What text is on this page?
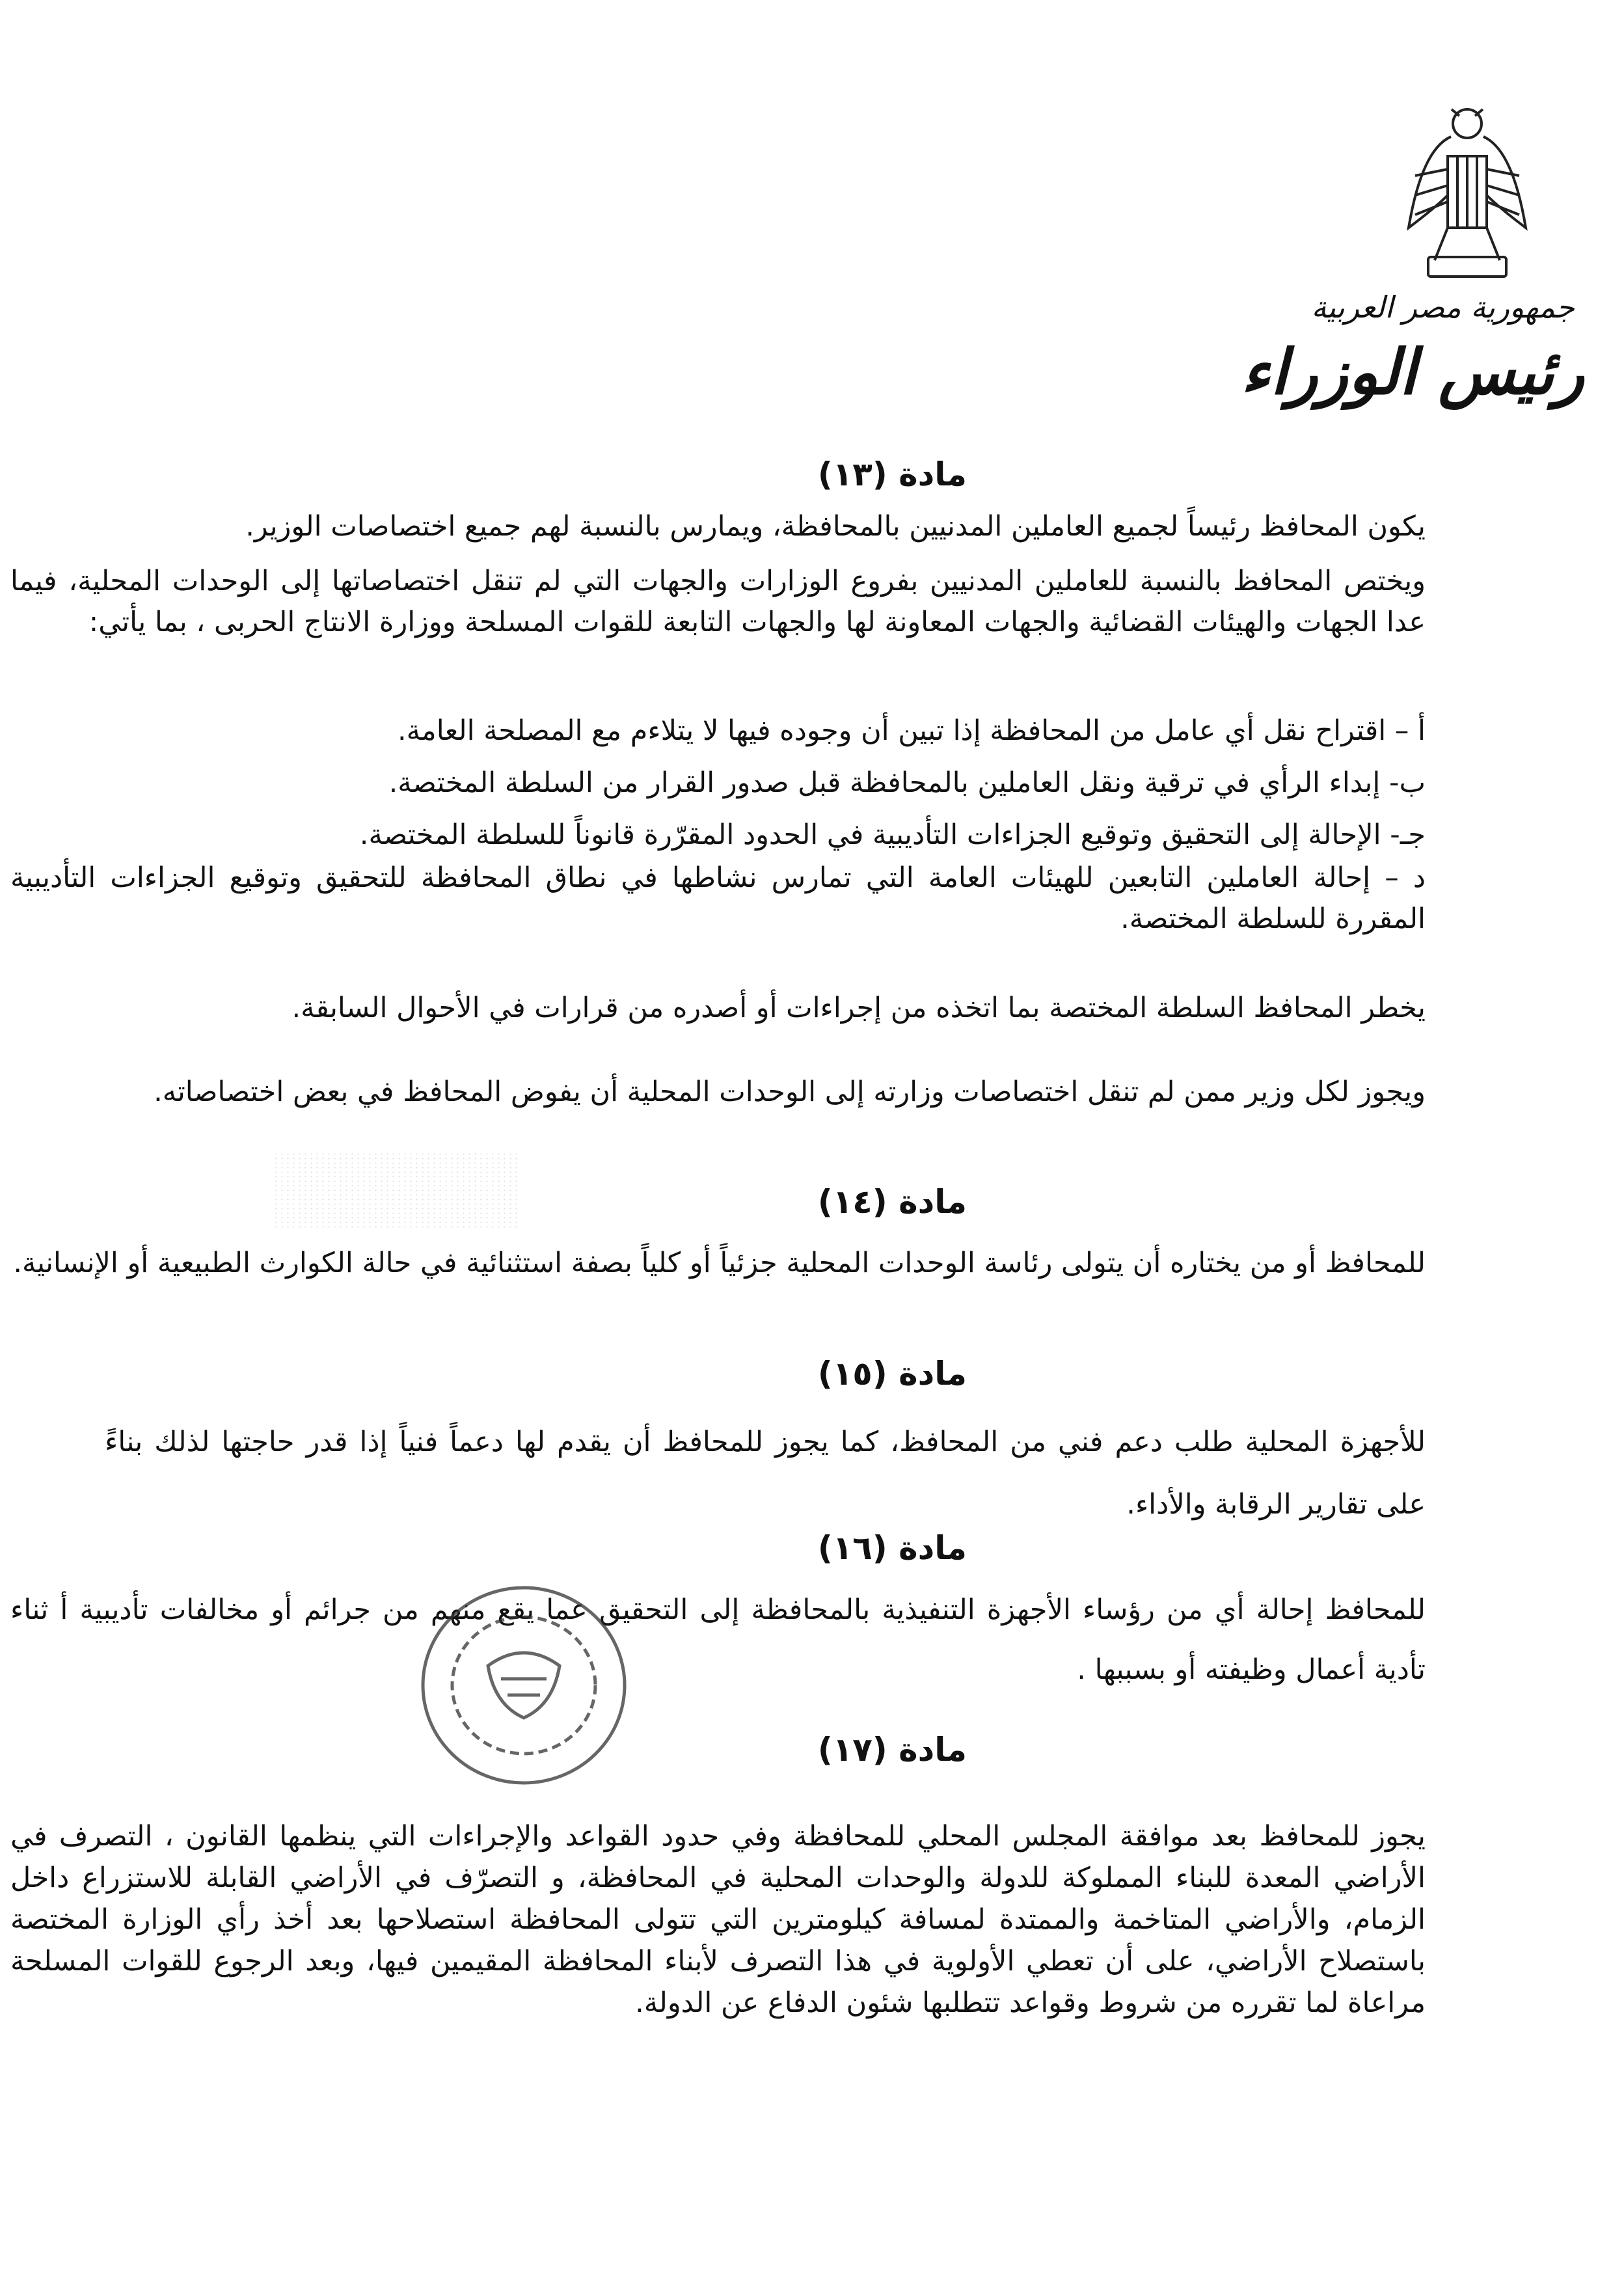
جمهورية مصر العربية
رئيس الوزراء
مادة (١٣)
يكون المحافظ رئيساً لجميع العاملين المدنيين بالمحافظة، ويمارس بالنسبة لهم جميع اختصاصات الوزير.
ويختص المحافظ بالنسبة للعاملين المدنيين بفروع الوزارات والجهات التي لم تنقل اختصاصاتها إلى الوحدات المحلية، فيما عدا الجهات والهيئات القضائية والجهات المعاونة لها والجهات التابعة للقوات المسلحة ووزارة الانتاج الحربى ، بما يأتي:
أ – اقتراح نقل أي عامل من المحافظة إذا تبين أن وجوده فيها لا يتلاءم مع المصلحة العامة.
ب- إبداء الرأي في ترقية ونقل العاملين بالمحافظة قبل صدور القرار من السلطة المختصة.
جـ- الإحالة إلى التحقيق وتوقيع الجزاءات التأديبية في الحدود المقرّرة قانوناً للسلطة المختصة.
د – إحالة العاملين التابعين للهيئات العامة التي تمارس نشاطها في نطاق المحافظة للتحقيق وتوقيع الجزاءات التأديبية المقررة للسلطة المختصة.
يخطر المحافظ السلطة المختصة بما اتخذه من إجراءات أو أصدره من قرارات في الأحوال السابقة.
ويجوز لكل وزير ممن لم تنقل اختصاصات وزارته إلى الوحدات المحلية أن يفوض المحافظ في بعض اختصاصاته.
مادة (١٤)
للمحافظ أو من يختاره أن يتولى رئاسة الوحدات المحلية جزئياً أو كلياً بصفة استثنائية في حالة الكوارث الطبيعية أو الإنسانية.
مادة (١٥)
للأجهزة المحلية طلب دعم فني من المحافظ، كما يجوز للمحافظ أن يقدم لها دعماً فنياً إذا قدر حاجتها لذلك بناءً على تقارير الرقابة والأداء.
مادة (١٦)
للمحافظ إحالة أي من رؤساء الأجهزة التنفيذية بالمحافظة إلى التحقيق عما يقع منهم من جرائم أو مخالفات تأديبية أ ثناء تأدية أعمال وظيفته أو بسببها .
مادة (١٧)
يجوز للمحافظ بعد موافقة المجلس المحلي للمحافظة وفي حدود القواعد والإجراءات التي ينظمها القانون ، التصرف في الأراضي المعدة للبناء المملوكة للدولة والوحدات المحلية في المحافظة، و التصرّف في الأراضي القابلة للاستزراع داخل الزمام، والأراضي المتاخمة والممتدة لمسافة كيلومترين التي تتولى المحافظة استصلاحها بعد أخذ رأي الوزارة المختصة باستصلاح الأراضي، على أن تعطي الأولوية في هذا التصرف لأبناء المحافظة المقيمين فيها، وبعد الرجوع للقوات المسلحة مراعاة لما تقرره من شروط وقواعد تتطلبها شئون الدفاع عن الدولة.
